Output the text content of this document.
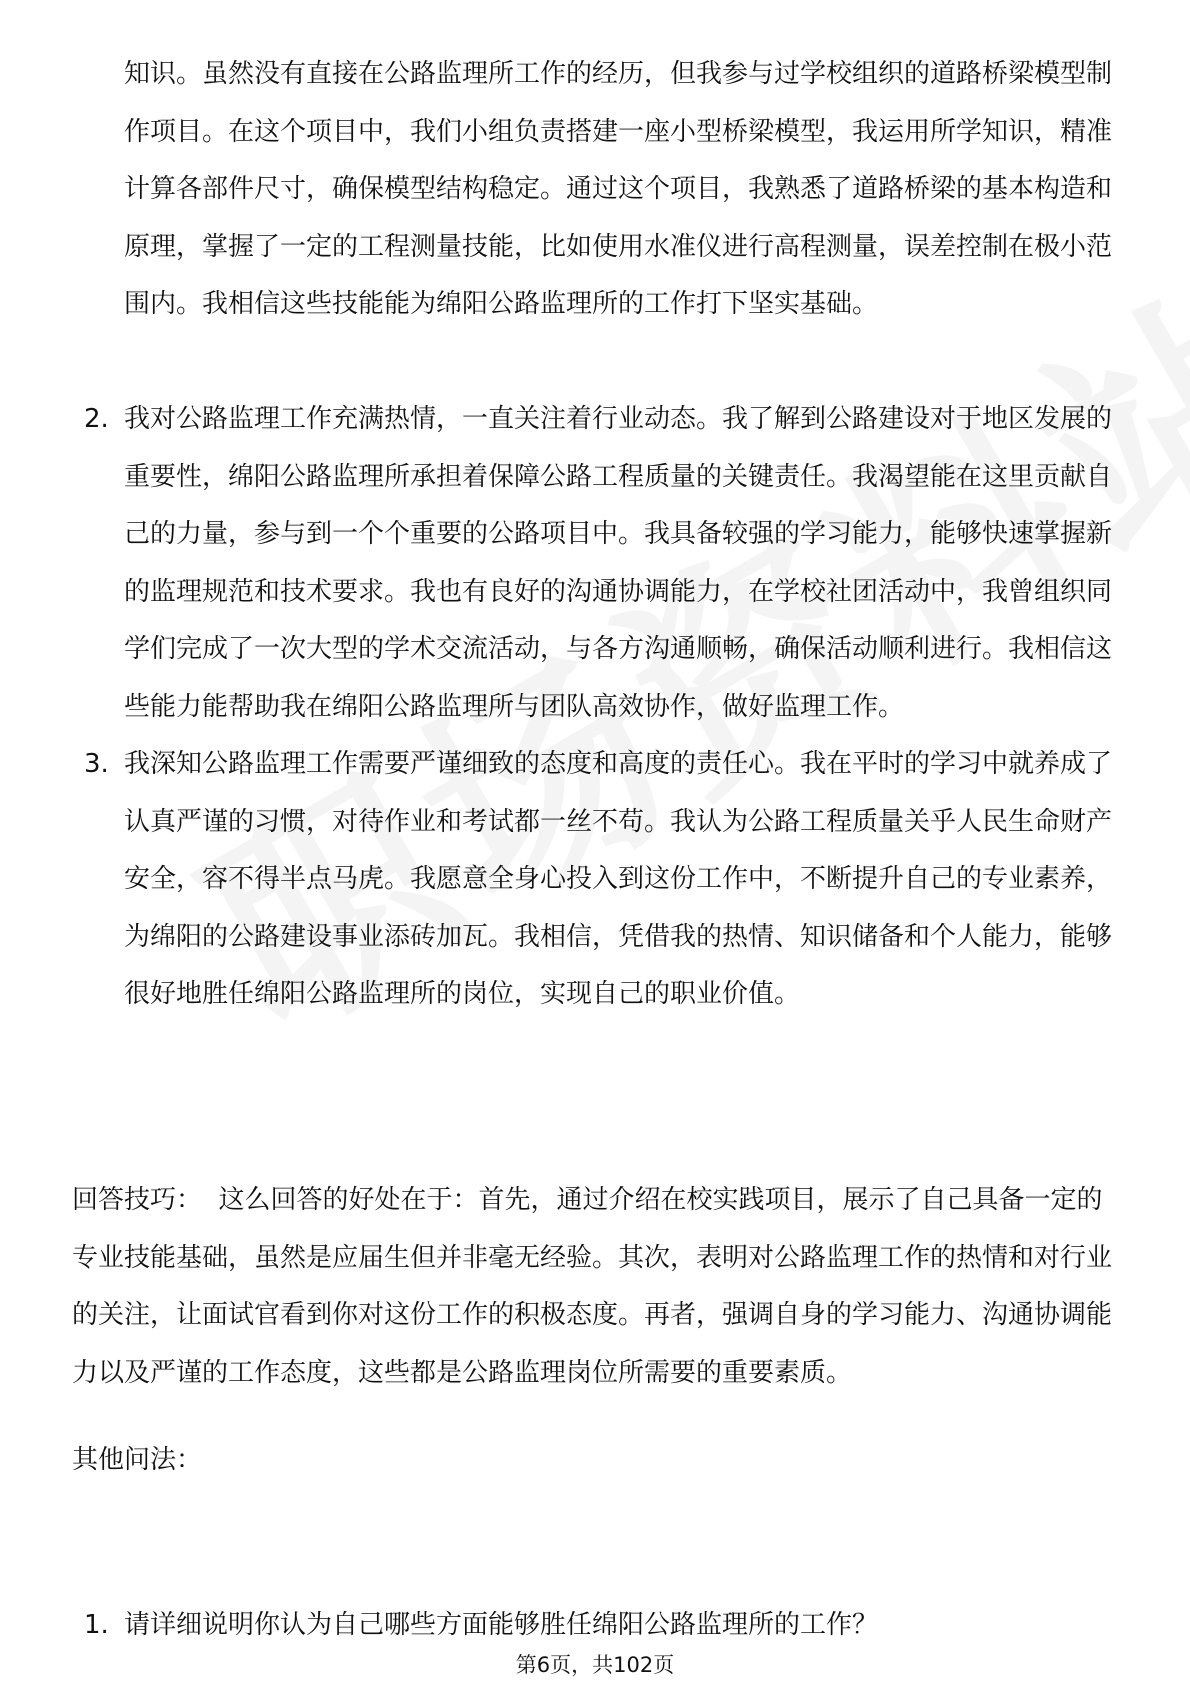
知识。虽然没有直接在公路监理所工作的经历，但我参与过学校组织的道路桥梁模型制作项目。在这个项目中，我们小组负责搭建一座小型桥梁模型，我运用所学知识，精准计算各部件尺寸，确保模型结构稳定。通过这个项目，我熟悉了道路桥梁的基本构造和原理，掌握了一定的工程测量技能，比如使用水准仪进行高程测量，误差控制在极小范围内。我相信这些技能能为绵阳公路监理所的工作打下坚实基础。

2. 我对公路监理工作充满热情，一直关注着行业动态。我了解到公路建设对于地区发展的重要性，绵阳公路监理所承担着保障公路工程质量的关键责任。我渴望能在这里贡献自己的力量，参与到一个个重要的公路项目中。我具备较强的学习能力，能够快速掌握新的监理规范和技术要求。我也有良好的沟通协调能力，在学校社团活动中，我曾组织同学们完成了一次大型的学术交流活动，与各方沟通顺畅，确保活动顺利进行。我相信这些能力能帮助我在绵阳公路监理所与团队高效协作，做好监理工作。
3. 我深知公路监理工作需要严谨细致的态度和高度的责任心。我在平时的学习中就养成了认真严谨的习惯，对待作业和考试都一丝不苟。我认为公路工程质量关乎人民生命财产安全，容不得半点马虎。我愿意全身心投入到这份工作中，不断提升自己的专业素养，为绵阳的公路建设事业添砖加瓦。我相信，凭借我的热情、知识储备和个人能力，能够很好地胜任绵阳公路监理所的岗位，实现自己的职业价值。

回答技巧： 这么回答的好处在于：首先，通过介绍在校实践项目，展示了自己具备一定的专业技能基础，虽然是应届生但并非毫无经验。其次，表明对公路监理工作的热情和对行业的关注，让面试官看到你对这份工作的积极态度。再者，强调自身的学习能力、沟通协调能力以及严谨的工作态度，这些都是公路监理岗位所需要的重要素质。

其他问法：

1. 请详细说明你认为自己哪些方面能够胜任绵阳公路监理所的工作？
第6页，共102页
